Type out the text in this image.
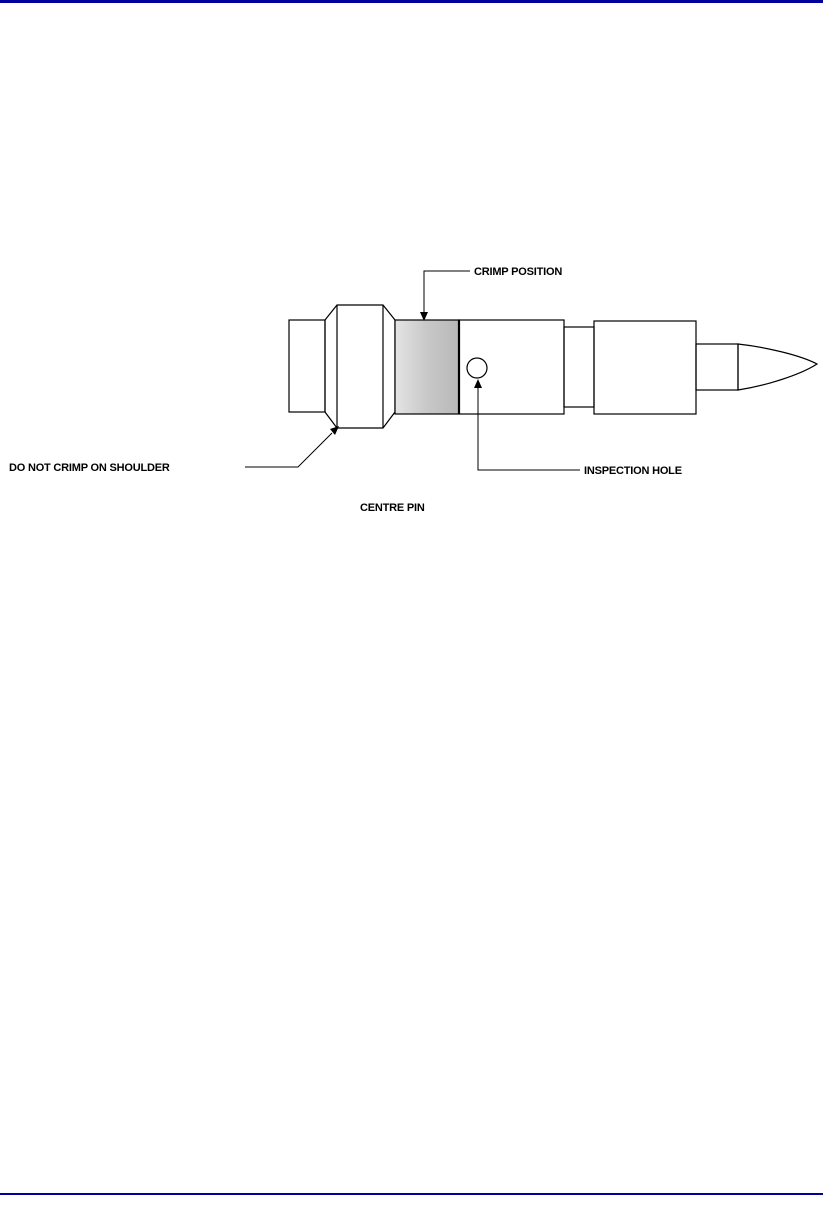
CRIMP POSITION
INSPECTION HOLE
DO NOT CRIMP ON SHOULDER
CENTRE PIN
